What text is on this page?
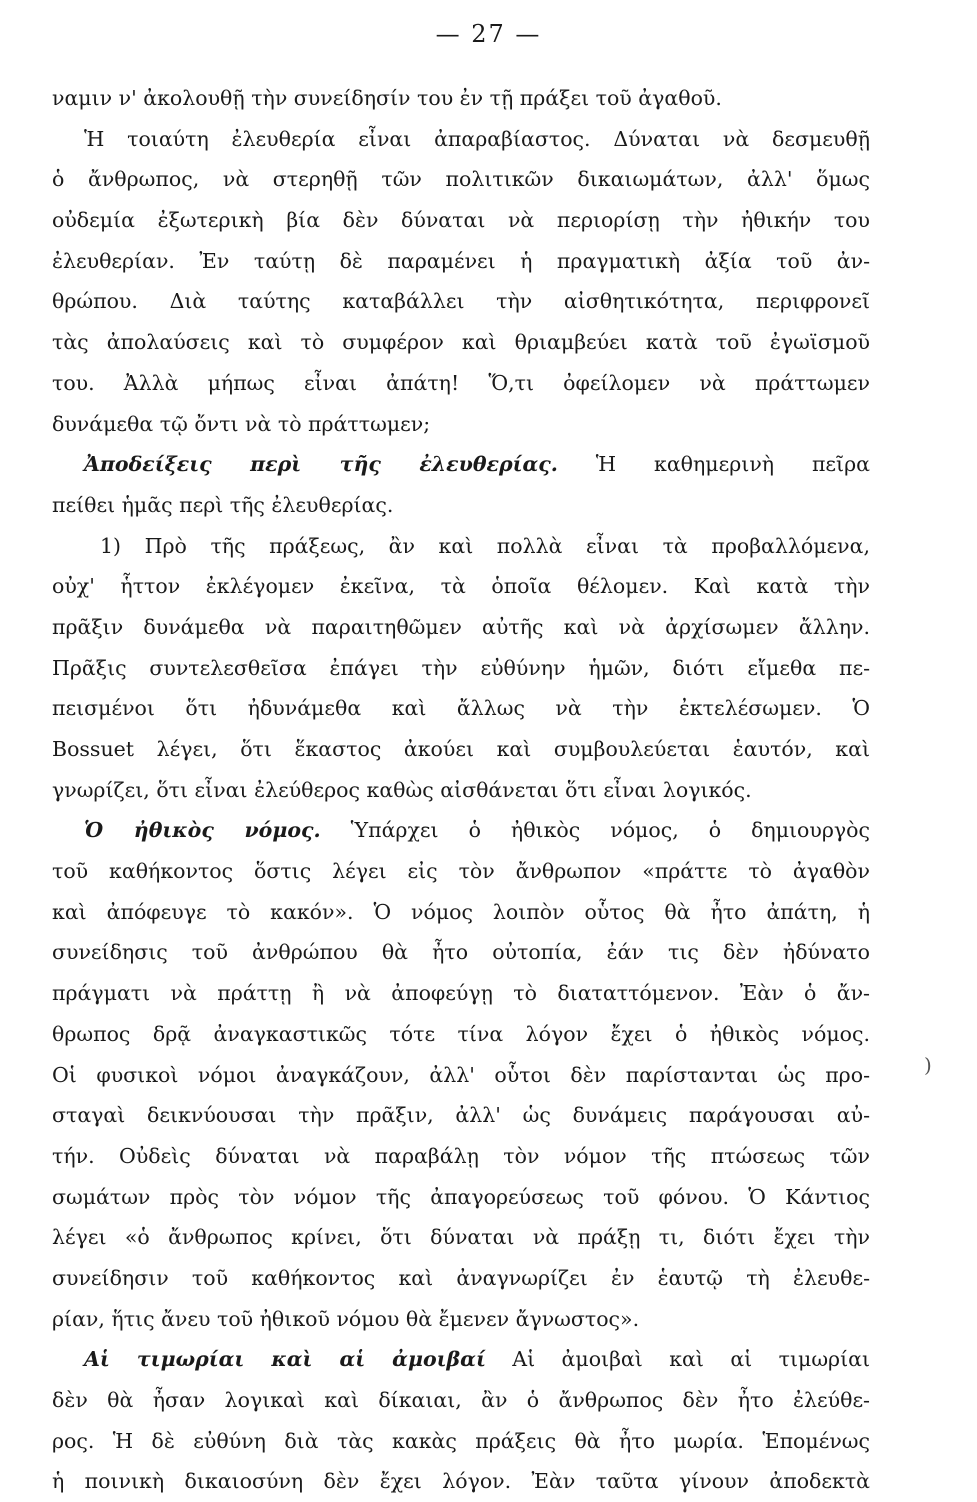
— 27 —
ναμιν ν' ἀκολουθῇ τὴν συνείδησίν του ἐν τῇ πράξει τοῦ ἀγαθοῦ.
Ἡ τοιαύτη ἐλευθερία εἶναι ἀπαραβίαστος. Δύναται νὰ δεσμευθῇ
ὁ ἄνθρωπος, νὰ στερηθῇ τῶν πολιτικῶν δικαιωμάτων, ἀλλ' ὅμως
οὐδεμία ἐξωτερικὴ βία δὲν δύναται νὰ περιορίσῃ τὴν ἠθικήν του
ἐλευθερίαν. Ἐν ταύτῃ δὲ παραμένει ἡ πραγματικὴ ἀξία τοῦ ἀν-
θρώπου. Διὰ ταύτης καταβάλλει τὴν αἰσθητικότητα, περιφρονεῖ
τὰς ἀπολαύσεις καὶ τὸ συμφέρον καὶ θριαμβεύει κατὰ τοῦ ἐγωϊσμοῦ
του. Ἀλλὰ μήπως εἶναι ἀπάτη! Ὅ,τι ὀφείλομεν νὰ πράττωμεν
δυνάμεθα τῷ ὄντι νὰ τὸ πράττωμεν;
Ἀποδείξεις περὶ τῆς ἐλευθερίας. Ἡ καθημερινὴ πεῖρα
πείθει ἡμᾶς περὶ τῆς ἐλευθερίας.
1) Πρὸ τῆς πράξεως, ἂν καὶ πολλὰ εἶναι τὰ προβαλλόμενα,
οὐχ' ἧττον ἐκλέγομεν ἐκεῖνα, τὰ ὁποῖα θέλομεν. Καὶ κατὰ τὴν
πρᾶξιν δυνάμεθα νὰ παραιτηθῶμεν αὐτῆς καὶ νὰ ἀρχίσωμεν ἄλλην.
Πρᾶξις συντελεσθεῖσα ἐπάγει τὴν εὐθύνην ἡμῶν, διότι εἴμεθα πε-
πεισμένοι ὅτι ἠδυνάμεθα καὶ ἄλλως νὰ τὴν ἐκτελέσωμεν. Ὁ
Bossuet λέγει, ὅτι ἕκαστος ἀκούει καὶ συμβουλεύεται ἑαυτόν, καὶ
γνωρίζει, ὅτι εἶναι ἐλεύθερος καθὼς αἰσθάνεται ὅτι εἶναι λογικός.
Ὁ ἠθικὸς νόμος. Ὑπάρχει ὁ ἠθικὸς νόμος, ὁ δημιουργὸς
τοῦ καθήκοντος ὅστις λέγει εἰς τὸν ἄνθρωπον «πράττε τὸ ἀγαθὸν
καὶ ἀπόφευγε τὸ κακόν». Ὁ νόμος λοιπὸν οὗτος θὰ ἦτο ἀπάτη, ἡ
συνείδησις τοῦ ἀνθρώπου θὰ ἦτο οὐτοπία, ἐάν τις δὲν ἠδύνατο
πράγματι νὰ πράττῃ ἢ νὰ ἀποφεύγῃ τὸ διαταττόμενον. Ἐὰν ὁ ἄν-
θρωπος δρᾷ ἀναγκαστικῶς τότε τίνα λόγον ἔχει ὁ ἠθικὸς νόμος.
Οἱ φυσικοὶ νόμοι ἀναγκάζουν, ἀλλ' οὗτοι δὲν παρίστανται ὡς προ-
σταγαὶ δεικνύουσαι τὴν πρᾶξιν, ἀλλ' ὡς δυνάμεις παράγουσαι αὐ-
τήν. Οὐδεὶς δύναται νὰ παραβάλῃ τὸν νόμον τῆς πτώσεως τῶν
σωμάτων πρὸς τὸν νόμον τῆς ἀπαγορεύσεως τοῦ φόνου. Ὁ Κάντιος
λέγει «ὁ ἄνθρωπος κρίνει, ὅτι δύναται νὰ πράξῃ τι, διότι ἔχει τὴν
συνείδησιν τοῦ καθήκοντος καὶ ἀναγνωρίζει ἐν ἑαυτῷ τὴ ἐλευθε-
ρίαν, ἥτις ἄνευ τοῦ ἠθικοῦ νόμου θὰ ἔμενεν ἄγνωστος».
Αἱ τιμωρίαι καὶ αἱ ἀμοιβαί Αἱ ἀμοιβαὶ καὶ αἱ τιμωρίαι
δὲν θὰ ἦσαν λογικαὶ καὶ δίκαιαι, ἂν ὁ ἄνθρωπος δὲν ἦτο ἐλεύθε-
ρος. Ἡ δὲ εὐθύνη διὰ τὰς κακὰς πράξεις θὰ ἦτο μωρία. Ἑπομένως
ἡ ποινικὴ δικαιοσύνη δὲν ἔχει λόγον. Ἐὰν ταῦτα γίνουν ἀποδεκτὰ
)
